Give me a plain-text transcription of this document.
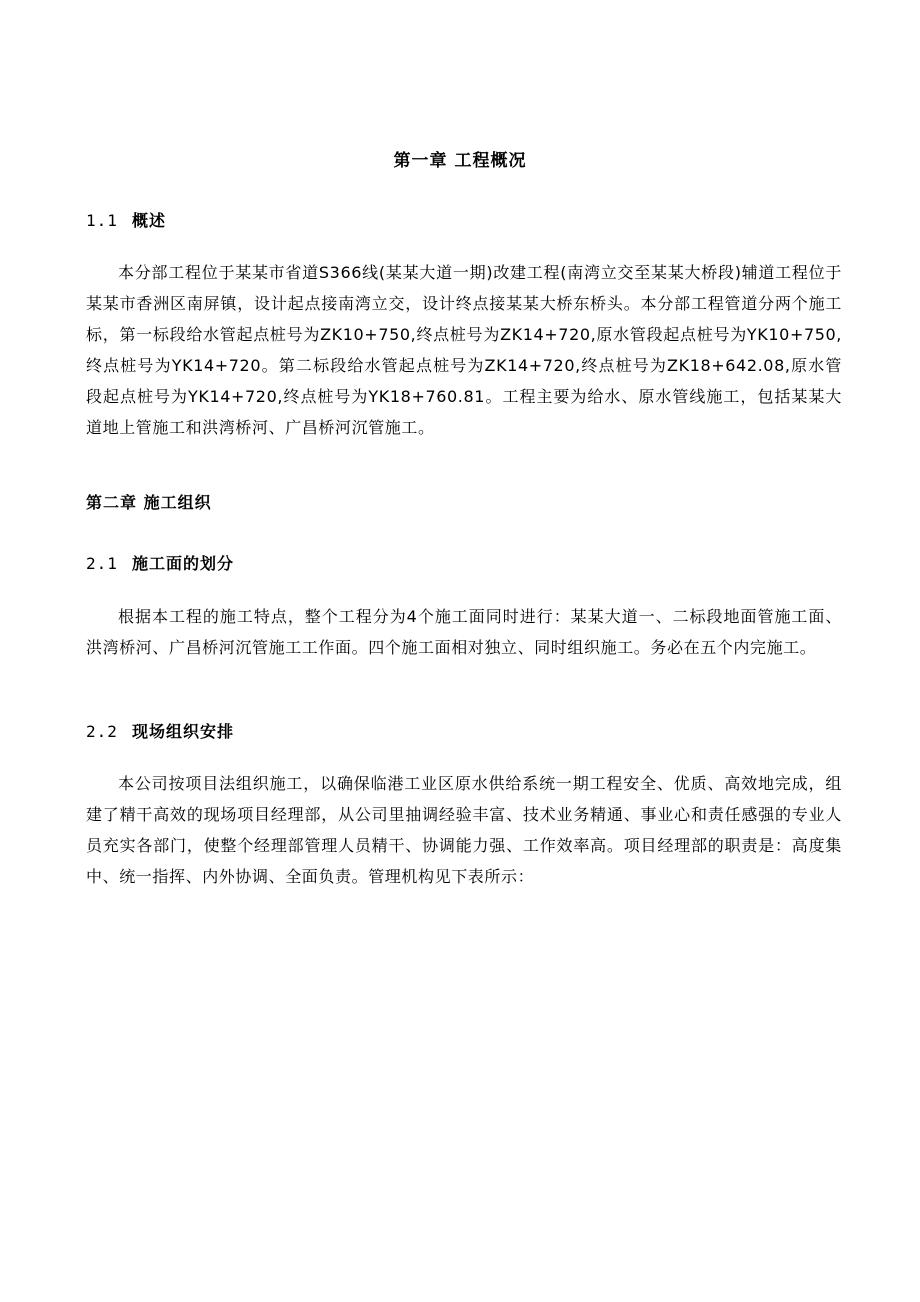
第一章 工程概况
1.1 概述
本分部工程位于某某市省道S366线(某某大道一期)改建工程(南湾立交至某某大桥段)辅道工程位于某某市香洲区南屏镇，设计起点接南湾立交，设计终点接某某大桥东桥头。本分部工程管道分两个施工标，第一标段给水管起点桩号为ZK10+750,终点桩号为ZK14+720,原水管段起点桩号为YK10+750,终点桩号为YK14+720。第二标段给水管起点桩号为ZK14+720,终点桩号为ZK18+642.08,原水管段起点桩号为YK14+720,终点桩号为YK18+760.81。工程主要为给水、原水管线施工，包括某某大道地上管施工和洪湾桥河、广昌桥河沉管施工。
第二章 施工组织
2.1 施工面的划分
根据本工程的施工特点，整个工程分为4个施工面同时进行：某某大道一、二标段地面管施工面、洪湾桥河、广昌桥河沉管施工工作面。四个施工面相对独立、同时组织施工。务必在五个内完施工。
2.2 现场组织安排
本公司按项目法组织施工，以确保临港工业区原水供给系统一期工程安全、优质、高效地完成，组建了精干高效的现场项目经理部，从公司里抽调经验丰富、技术业务精通、事业心和责任感强的专业人员充实各部门，使整个经理部管理人员精干、协调能力强、工作效率高。项目经理部的职责是：高度集中、统一指挥、内外协调、全面负责。管理机构见下表所示：
